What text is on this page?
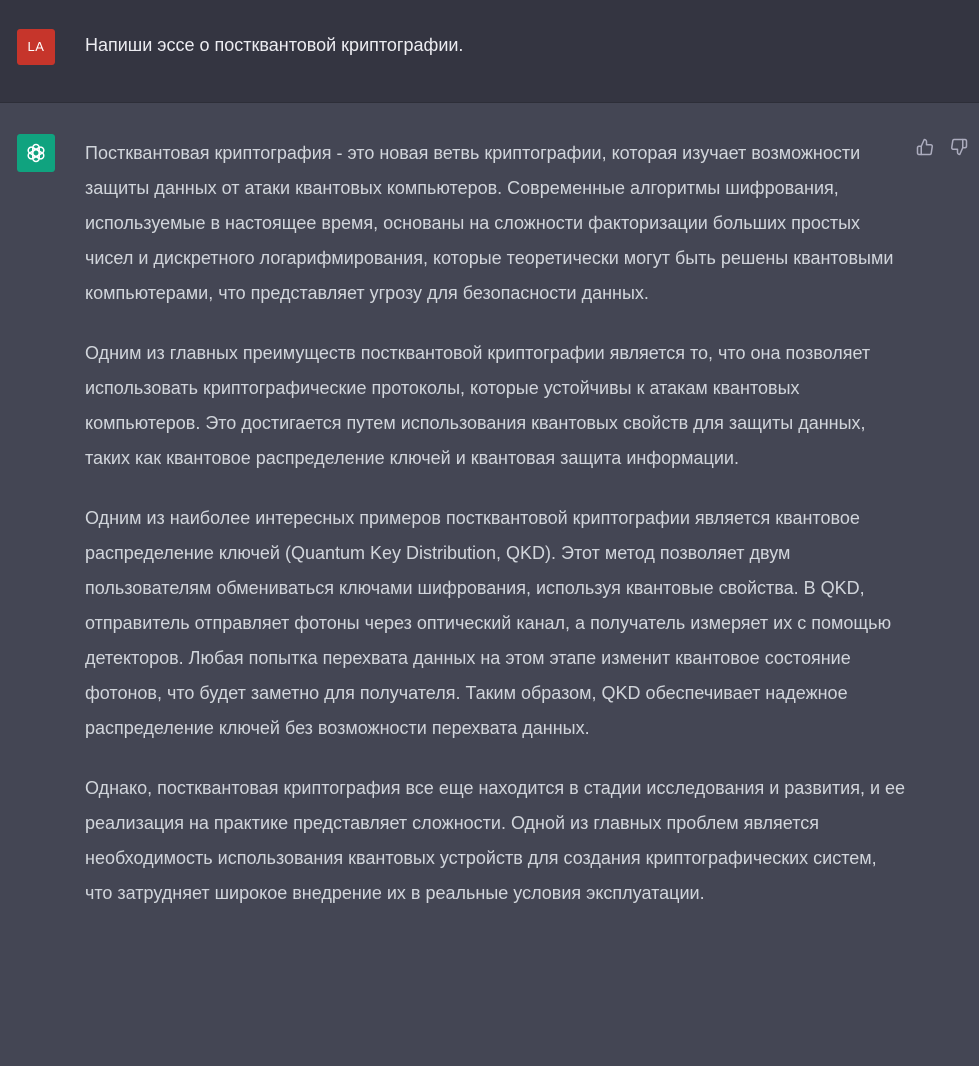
LA	Напиши эссе о постквантовой криптографии.

Постквантовая криптография - это новая ветвь криптографии, которая изучает возможности защиты данных от атаки квантовых компьютеров. Современные алгоритмы шифрования, используемые в настоящее время, основаны на сложности факторизации больших простых чисел и дискретного логарифмирования, которые теоретически могут быть решены квантовыми компьютерами, что представляет угрозу для безопасности данных.

Одним из главных преимуществ постквантовой криптографии является то, что она позволяет использовать криптографические протоколы, которые устойчивы к атакам квантовых компьютеров. Это достигается путем использования квантовых свойств для защиты данных, таких как квантовое распределение ключей и квантовая защита информации.

Одним из наиболее интересных примеров постквантовой криптографии является квантовое распределение ключей (Quantum Key Distribution, QKD). Этот метод позволяет двум пользователям обмениваться ключами шифрования, используя квантовые свойства. В QKD, отправитель отправляет фотоны через оптический канал, а получатель измеряет их с помощью детекторов. Любая попытка перехвата данных на этом этапе изменит квантовое состояние фотонов, что будет заметно для получателя. Таким образом, QKD обеспечивает надежное распределение ключей без возможности перехвата данных.

Однако, постквантовая криптография все еще находится в стадии исследования и развития, и ее реализация на практике представляет сложности. Одной из главных проблем является необходимость использования квантовых устройств для создания криптографических систем, что затрудняет широкое внедрение их в реальные условия эксплуатации.
